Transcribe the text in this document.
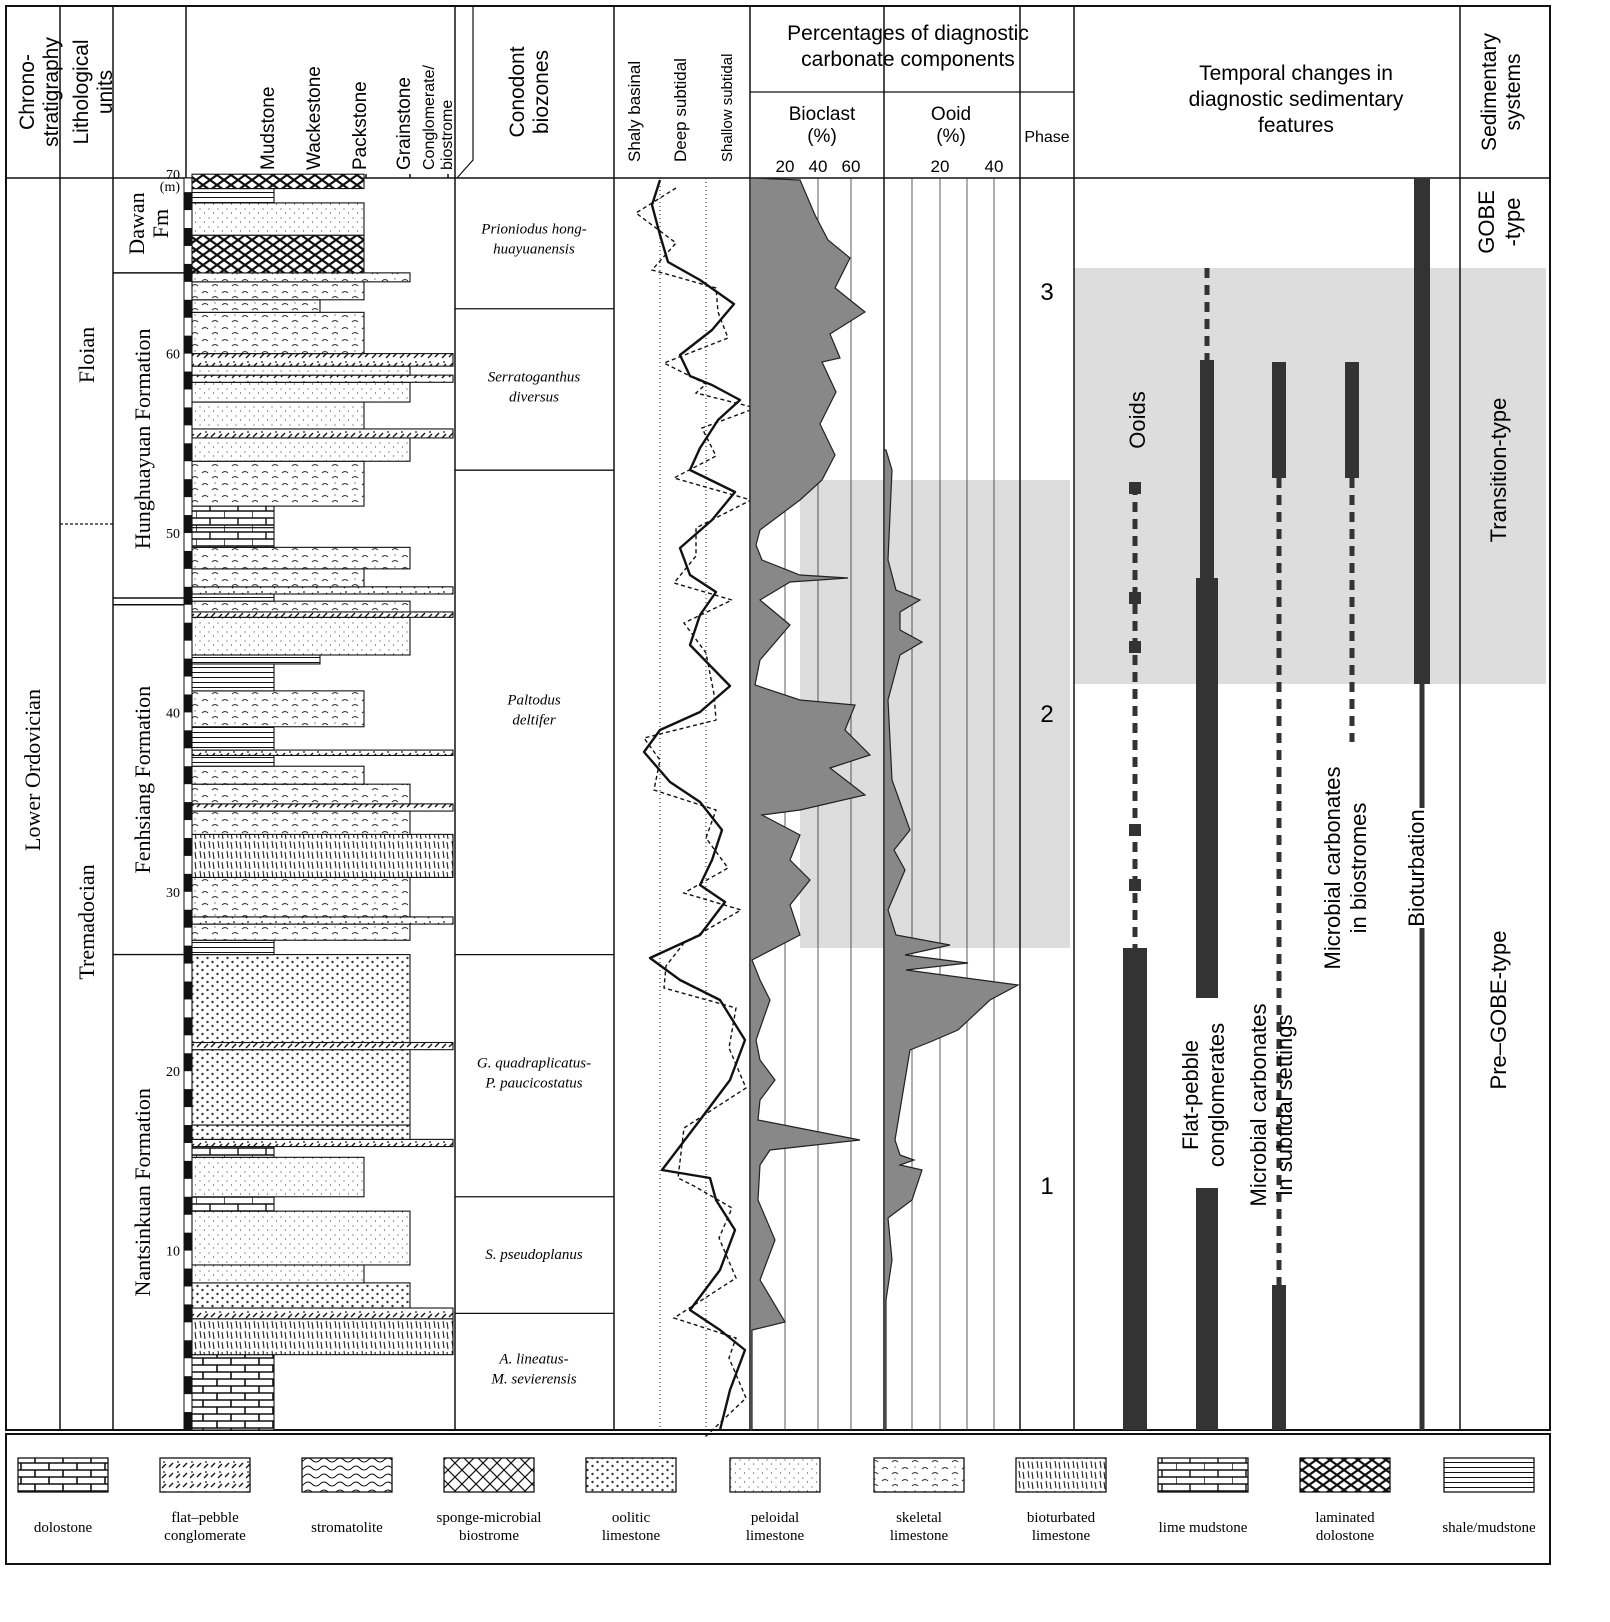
Chrono-stratigraphy Lithologicalunits	Conodontbiozones
Percentages of diagnostic carbonate components
Temporal changes in diagnostic sedimentary features	Sedimentarysystems
Mudstone Wackestone Packstone Grainstone Conglomerate/biostrome	Shaly basinal Deep subtidal Shallow subtidal	Bioclast (%)
Ooid (%)	Phase
20 40 60	20 40
Lower Ordovician
Floian
Tremadocian
DawanFm
Hunghuayuan Formation
Fenhsiang Formation
Nantsinkuan Formation
70 (m)
60
50
40
30
20
10
Prioniodus hong-huayuanensis
Serratoganthus diversus
Paltodus deltifer
G. quadraplicatus-P. paucicostatus
S. pseudoplanus
A. lineatus-M. sevierensis
3
2
1
Ooids
Flat-pebbleconglomerates Microbial carbonatesin subtidal settings
Microbial carbonatesin biostromes Bioturbation
GOBE-type
Transition-type
Pre–GOBE-type
dolostone
flat–pebble conglomerate	stromatolite
sponge-microbial biostrome
oolitic limestone
peloidal limestone
skeletal limestone
bioturbated limestone	lime mudstone
laminated dolostone	shale/mudstone
